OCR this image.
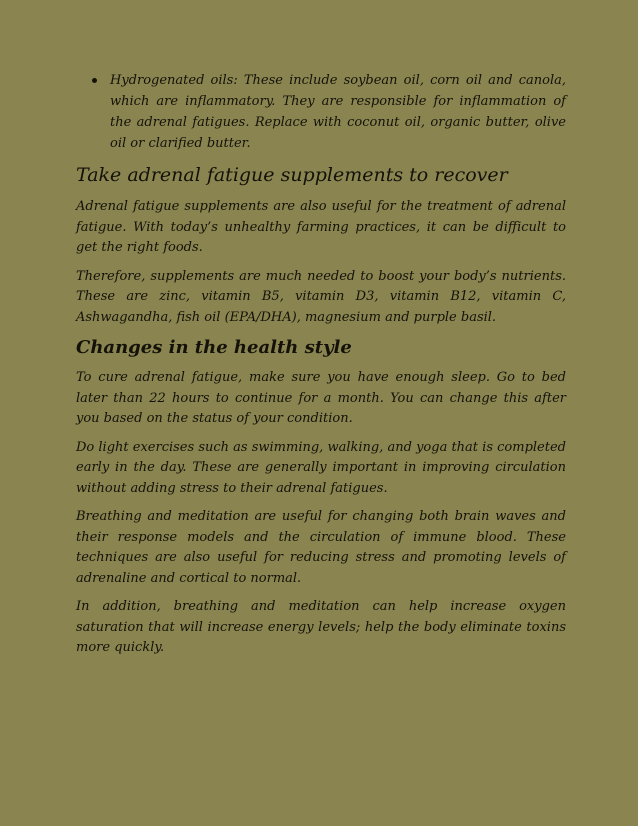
Hydrogenated oils: These include soybean oil, corn oil and canola, which are inflammatory. They are responsible for inflammation of the adrenal fatigues. Replace with coconut oil, organic butter, olive oil or clarified butter.
Take adrenal fatigue supplements to recover

Adrenal fatigue supplements are also useful for the treatment of adrenal fatigue. With today’s unhealthy farming practices, it can be difficult to get the right foods.

Therefore, supplements are much needed to boost your body’s nutrients. These are zinc, vitamin B5, vitamin D3, vitamin B12, vitamin C, Ashwagandha, fish oil (EPA/DHA), magnesium and purple basil.

Changes in the health style

To cure adrenal fatigue, make sure you have enough sleep. Go to bed later than 22 hours to continue for a month. You can change this after you based on the status of your condition.

Do light exercises such as swimming, walking, and yoga that is completed early in the day. These are generally important in improving circulation without adding stress to their adrenal fatigues.

Breathing and meditation are useful for changing both brain waves and their response models and the circulation of immune blood. These techniques are also useful for reducing stress and promoting levels of adrenaline and cortical to normal.

In addition, breathing and meditation can help increase oxygen saturation that will increase energy levels; help the body eliminate toxins more quickly.
